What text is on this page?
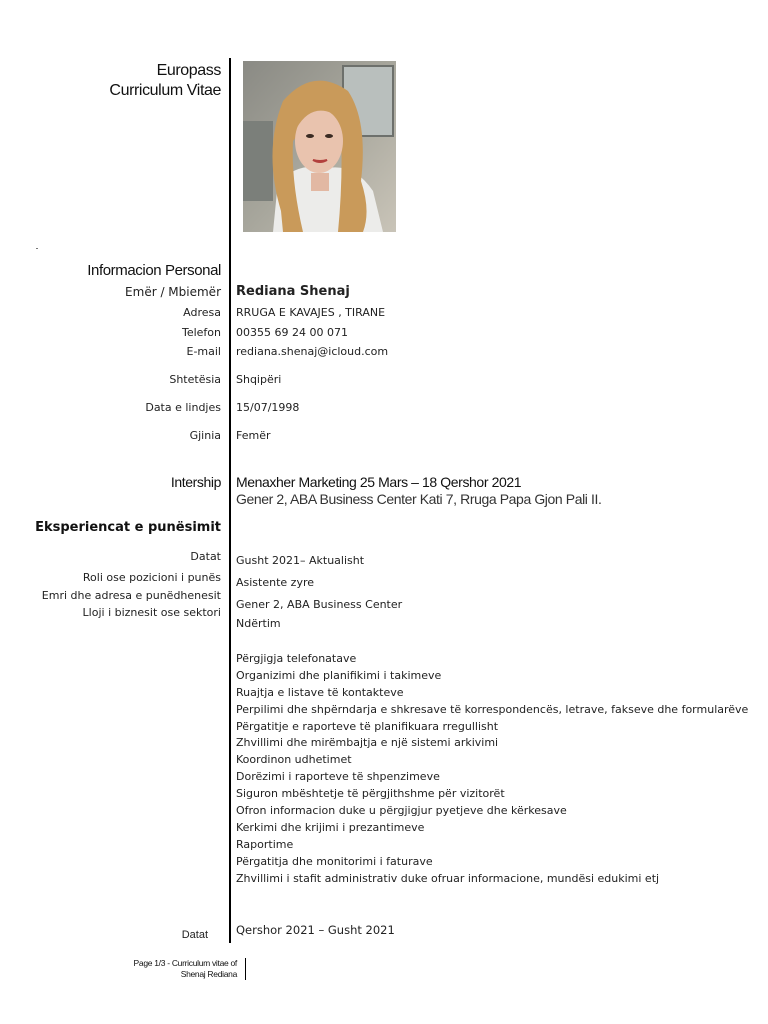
Europass
Curriculum Vitae
Informacion Personal
Emër / Mbiemër Rediana Shenaj
Adresa RRUGA E KAVAJES , TIRANE
Telefon 00355 69 24 00 071
E-mail rediana.shenaj@icloud.com
Shtetësia Shqipëri
Data e lindjes 15/07/1998
Gjinia Femër
Intership Menaxher Marketing 25 Mars – 18 Qershor 2021
Gener 2, ABA Business Center Kati 7, Rruga Papa Gjon Pali II.
Eksperiencat e punësimit
Datat
Roli ose pozicioni i punës
Emri dhe adresa e punëdhenesit
Lloji i biznesit ose sektori
Gusht 2021– Aktualisht
Asistente zyre
Gener 2, ABA Business Center
Ndërtim
Përgjigja telefonatave
Organizimi dhe planifikimi i takimeve
Ruajtja e listave të kontakteve
Perpilimi dhe shpërndarja e shkresave të korrespondencës, letrave, fakseve dhe formularëve
Përgatitje e raporteve të planifikuara rregullisht
Zhvillimi dhe mirëmbajtja e një sistemi arkivimi
Koordinon udhetimet
Dorëzimi i raporteve të shpenzimeve
Siguron mbështetje të përgjithshme për vizitorët
Ofron informacion duke u përgjigjur pyetjeve dhe kërkesave
Kerkimi dhe krijimi i prezantimeve
Raportime
Përgatitja dhe monitorimi i faturave
Zhvillimi i stafit administrativ duke ofruar informacione, mundësi edukimi etj
Datat Qershor 2021 – Gusht 2021
Page 1/3 - Curriculum vitae of
Shenaj Rediana
